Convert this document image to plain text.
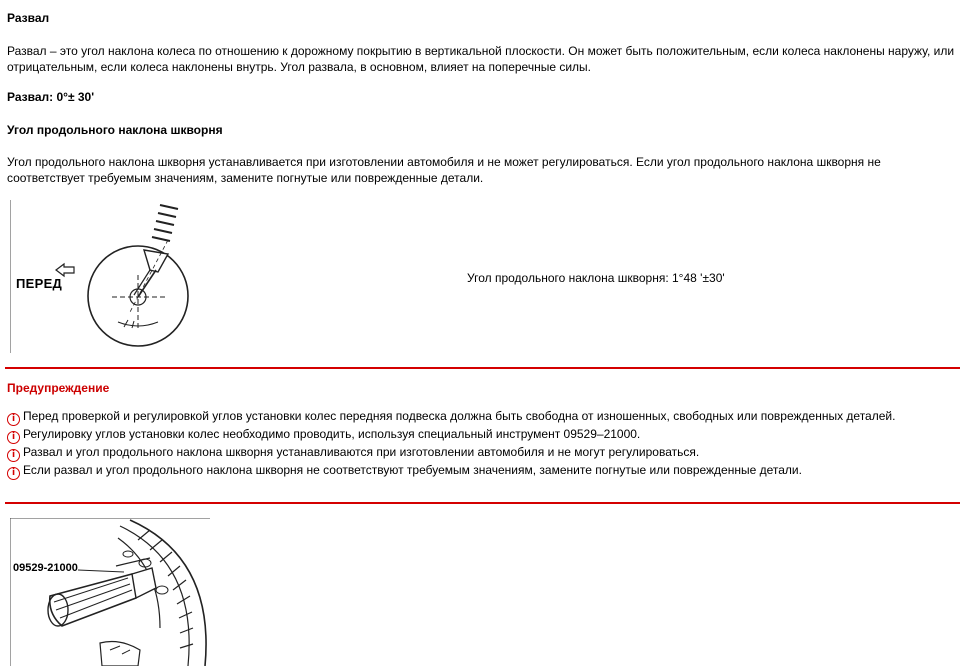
Развал

Развал – это угол наклона колеса по отношению к дорожному покрытию в вертикальной плоскости. Он может быть положительным, если колеса наклонены наружу, или отрицательным, если колеса наклонены внутрь. Угол развала, в основном, влияет на поперечные силы.

Развал: 0°± 30'

Угол продольного наклона шкворня

Угол продольного наклона шкворня устанавливается при изготовлении автомобиля и не может регулироваться. Если угол продольного наклона шкворня не соответствует требуемым значениям, замените погнутые или поврежденные детали.

ПЕРЕД	Угол продольного наклона шкворня: 1°48 '±30'

Предупреждение

i Перед проверкой и регулировкой углов установки колес передняя подвеска должна быть свободна от изношенных, свободных или поврежденных деталей.
i Регулировку углов установки колес необходимо проводить, используя специальный инструмент 09529–21000.
i Развал и угол продольного наклона шкворня устанавливаются при изготовлении автомобиля и не могут регулироваться.
i Если развал и угол продольного наклона шкворня не соответствуют требуемым значениям, замените погнутые или поврежденные детали.
09529-21000
